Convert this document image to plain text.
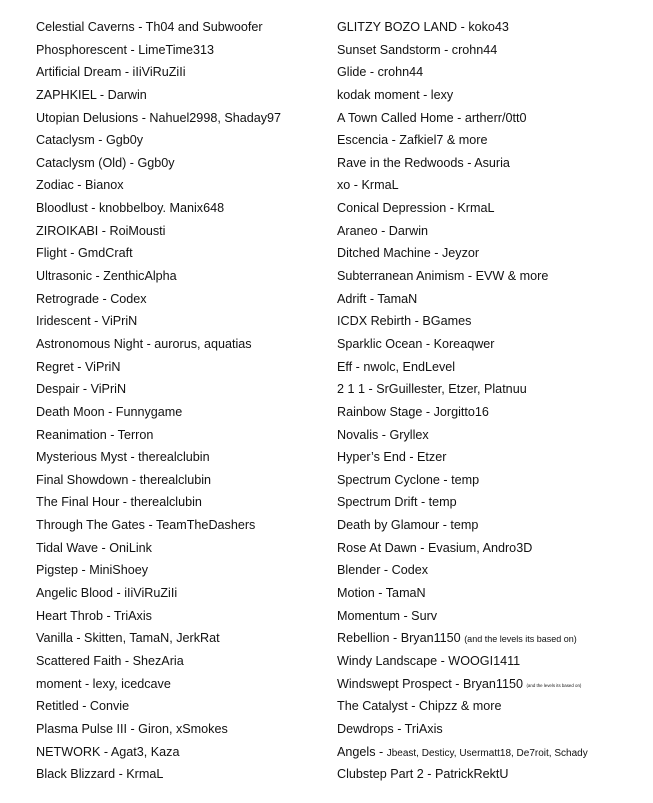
Celestial Caverns - Th04 and Subwoofer
Phosphorescent - LimeTime313
Artificial Dream - iIiViRuZiIi
ZAPHKIEL - Darwin
Utopian Delusions - Nahuel2998, Shaday97
Cataclysm - Ggb0y
Cataclysm (Old) - Ggb0y
Zodiac - Bianox
Bloodlust - knobbelboy. Manix648
ZIROIKABI - RoiMousti
Flight - GmdCraft
Ultrasonic - ZenthicAlpha
Retrograde - Codex
Iridescent - ViPriN
Astronomous Night - aurorus, aquatias
Regret - ViPriN
Despair - ViPriN
Death Moon - Funnygame
Reanimation - Terron
Mysterious Myst - therealclubin
Final Showdown - therealclubin
The Final Hour - therealclubin
Through The Gates - TeamTheDashers
Tidal Wave - OniLink
Pigstep - MiniShoey
Angelic Blood - iIiViRuZiIi
Heart Throb - TriAxis
Vanilla - Skitten, TamaN, JerkRat
Scattered Faith - ShezAria
moment - lexy, icedcave
Retitled - Convie
Plasma Pulse III - Giron, xSmokes
NETWORK - Agat3, Kaza
Black Blizzard - KrmaL
GLITZY BOZO LAND - koko43
Sunset Sandstorm - crohn44
Glide - crohn44
kodak moment - lexy
A Town Called Home - artherr/0tt0
Escencia - Zafkiel7 & more
Rave in the Redwoods - Asuria
xo - KrmaL
Conical Depression - KrmaL
Araneo - Darwin
Ditched Machine - Jeyzor
Subterranean Animism - EVW & more
Adrift - TamaN
ICDX Rebirth - BGames
Sparklic Ocean - Koreaqwer
Eff - nwolc, EndLevel
2 1 1 - SrGuillester, Etzer, Platnuu
Rainbow Stage - Jorgitto16
Novalis - Gryllex
Hyper’s End - Etzer
Spectrum Cyclone - temp
Spectrum Drift - temp
Death by Glamour - temp
Rose At Dawn - Evasium, Andro3D
Blender - Codex
Motion - TamaN
Momentum - Surv
Rebellion - Bryan1150 (and the levels its based on)
Windy Landscape - WOOGI1411
Windswept Prospect - Bryan1150 (and the levels its based on)
The Catalyst - Chipzz & more
Dewdrops - TriAxis
Angels - Jbeast, Desticy, Usermatt18, De7roit, Schady
Clubstep Part 2 - PatrickRektU
